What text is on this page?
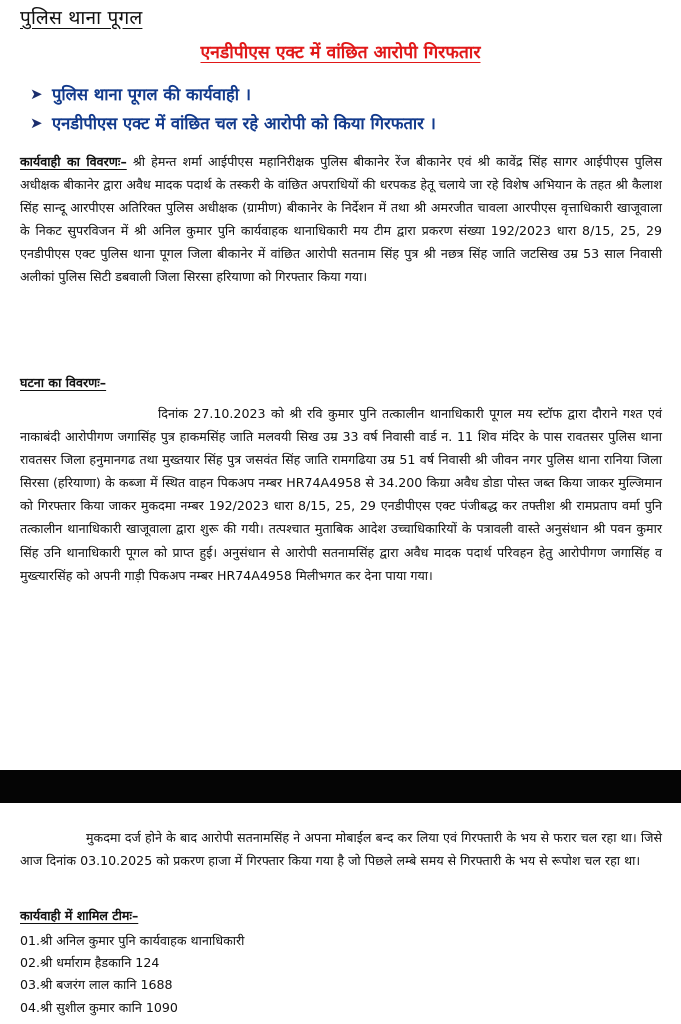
पुलिस थाना पूगल
एनडीपीएस एक्ट में वांछित आरोपी गिरफतार
➤ पुलिस थाना पूगल की कार्यवाही ।
➤ एनडीपीएस एक्ट में वांछित चल रहे आरोपी को किया गिरफतार ।

कार्यवाही का विवरणः– श्री हेमन्त शर्मा आईपीएस महानिरीक्षक पुलिस बीकानेर रेंज बीकानेर एवं श्री कावेंद्र सिंह सागर आईपीएस पुलिस अधीक्षक बीकानेर द्वारा अवैध मादक पदार्थ के तस्करी के वांछित अपराधियों की धरपकड हेतू चलाये जा रहे विशेष अभियान के तहत श्री कैलाश सिंह सान्दू आरपीएस अतिरिक्त पुलिस अधीक्षक (ग्रामीण) बीकानेर के निर्देशन में तथा श्री अमरजीत चावला आरपीएस वृत्ताधिकारी खाजूवाला के निकट सुपरविजन में श्री अनिल कुमार पुनि कार्यवाहक थानाधिकारी मय टीम द्वारा प्रकरण संख्या 192/2023 धारा 8/15, 25, 29 एनडीपीएस एक्ट पुलिस थाना पूगल जिला बीकानेर में वांछित आरोपी सतनाम सिंह पुत्र श्री नछत्र सिंह जाति जटसिख उम्र 53 साल निवासी अलीकां पुलिस सिटी डबवाली जिला सिरसा हरियाणा को गिरफ्तार किया गया।

घटना का विवरणः–

दिनांक 27.10.2023 को श्री रवि कुमार पुनि तत्कालीन थानाधिकारी पूगल मय स्टॉफ द्वारा दौराने गश्त एवं नाकाबंदी आरोपीगण जगासिंह पुत्र हाकमसिंह जाति मलवयी सिख उम्र 33 वर्ष निवासी वार्ड न. 11 शिव मंदिर के पास रावतसर पुलिस थाना रावतसर जिला हनुमानगढ तथा मुख्तयार सिंह पुत्र जसवंत सिंह जाति रामगढिया उम्र 51 वर्ष निवासी श्री जीवन नगर पुलिस थाना रानिया जिला सिरसा (हरियाणा) के कब्जा में स्थित वाहन पिकअप नम्बर HR74A4958 से 34.200 किग्रा अवैध डोडा पोस्त जब्त किया जाकर मुल्जिमान को गिरफ्तार किया जाकर मुकदमा नम्बर 192/2023 धारा 8/15, 25, 29 एनडीपीएस एक्ट पंजीबद्ध कर तफ्तीश श्री रामप्रताप वर्मा पुनि तत्कालीन थानाधिकारी खाजूवाला द्वारा शुरू की गयी। तत्पश्चात मुताबिक आदेश उच्चाधिकारियों के पत्रावली वास्ते अनुसंधान श्री पवन कुमार सिंह उनि थानाधिकारी पूगल को प्राप्त हुई। अनुसंधान से आरोपी सतनामसिंह द्वारा अवैध मादक पदार्थ परिवहन हेतु आरोपीगण जगासिंह व मुख्त्यारसिंह को अपनी गाड़ी पिकअप नम्बर HR74A4958 मिलीभगत कर देना पाया गया।

मुकदमा दर्ज होने के बाद आरोपी सतनामसिंह ने अपना मोबाईल बन्द कर लिया एवं गिरफ्तारी के भय से फरार चल रहा था। जिसे आज दिनांक 03.10.2025 को प्रकरण हाजा में गिरफ्तार किया गया है जो पिछले लम्बे समय से गिरफ्तारी के भय से रूपोश चल रहा था।

कार्यवाही में शामिल टीमः–
01.श्री अनिल कुमार पुनि कार्यवाहक थानाधिकारी
02.श्री धर्माराम हैडकानि 124
03.श्री बजरंग लाल कानि 1688
04.श्री सुशील कुमार कानि 1090
